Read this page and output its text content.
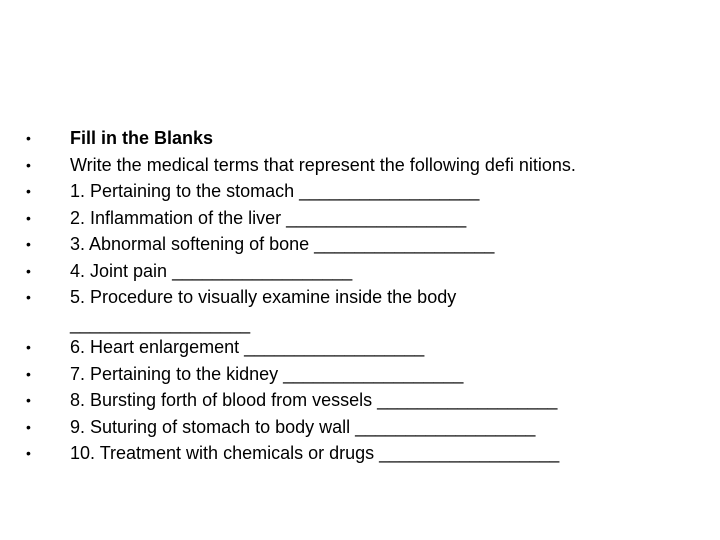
•	Fill in the Blanks
•	Write the medical terms that represent the following defi nitions.
•	1. Pertaining to the stomach __________________
•	2. Inflammation of the liver __________________
•	3. Abnormal softening of bone __________________
•	4. Joint pain __________________
•	5. Procedure to visually examine inside the body __________________
•	6. Heart enlargement __________________
•	7. Pertaining to the kidney __________________
•	8. Bursting forth of blood from vessels __________________
•	9. Suturing of stomach to body wall __________________
•	10. Treatment with chemicals or drugs __________________
